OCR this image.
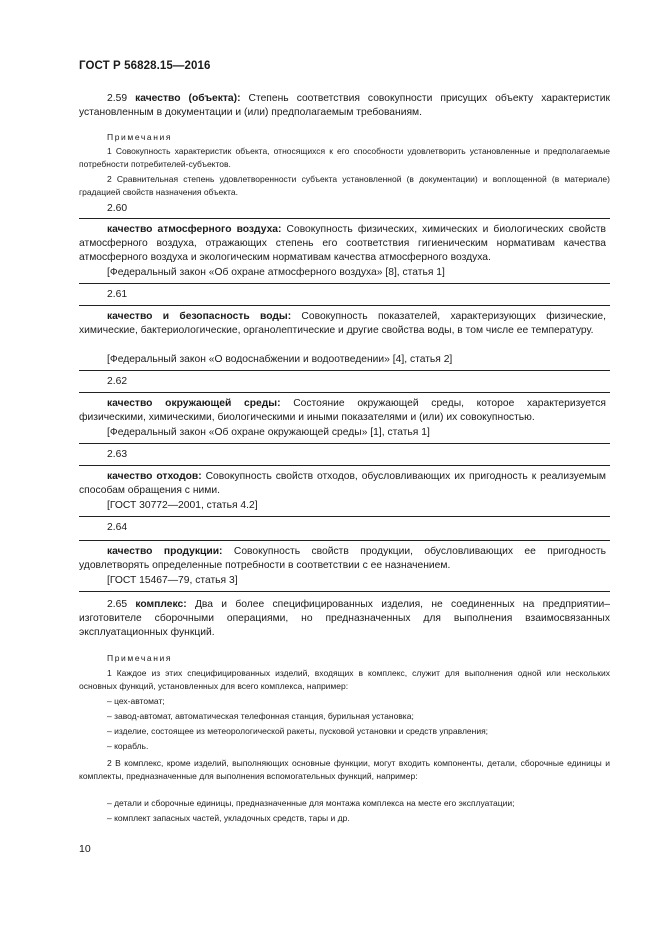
ГОСТ Р 56828.15—2016
2.59 качество (объекта): Степень соответствия совокупности присущих объекту характеристик установленным в документации и (или) предполагаемым требованиям.
Примечания
1 Совокупность характеристик объекта, относящихся к его способности удовлетворить установленные и предполагаемые потребности потребителей-субъектов.
2 Сравнительная степень удовлетворенности субъекта установленной (в документации) и воплощенной (в материале) градацией свойств назначения объекта.
2.60
качество атмосферного воздуха: Совокупность физических, химических и биологических свойств атмосферного воздуха, отражающих степень его соответствия гигиеническим нормативам качества атмосферного воздуха и экологическим нормативам качества атмосферного воздуха.
[Федеральный закон «Об охране атмосферного воздуха» [8], статья 1]
2.61
качество и безопасность воды: Совокупность показателей, характеризующих физические, химические, бактериологические, органолептические и другие свойства воды, в том числе ее температуру.
[Федеральный закон «О водоснабжении и водоотведении» [4], статья 2]
2.62
качество окружающей среды: Состояние окружающей среды, которое характеризуется физическими, химическими, биологическими и иными показателями и (или) их совокупностью.
[Федеральный закон «Об охране окружающей среды» [1], статья 1]
2.63
качество отходов: Совокупность свойств отходов, обусловливающих их пригодность к реализуемым способам обращения с ними.
[ГОСТ 30772—2001, статья 4.2]
2.64
качество продукции: Совокупность свойств продукции, обусловливающих ее пригодность удовлетворять определенные потребности в соответствии с ее назначением.
[ГОСТ 15467—79, статья 3]
2.65 комплекс: Два и более специфицированных изделия, не соединенных на предприятии–изготовителе сборочными операциями, но предназначенных для выполнения взаимосвязанных эксплуатационных функций.
Примечания
1 Каждое из этих специфицированных изделий, входящих в комплекс, служит для выполнения одной или нескольких основных функций, установленных для всего комплекса, например:
– цех-автомат;
– завод-автомат, автоматическая телефонная станция, бурильная установка;
– изделие, состоящее из метеорологической ракеты, пусковой установки и средств управления;
– корабль.
2 В комплекс, кроме изделий, выполняющих основные функции, могут входить компоненты, детали, сборочные единицы и комплекты, предназначенные для выполнения вспомогательных функций, например:
– детали и сборочные единицы, предназначенные для монтажа комплекса на месте его эксплуатации;
– комплект запасных частей, укладочных средств, тары и др.
10
